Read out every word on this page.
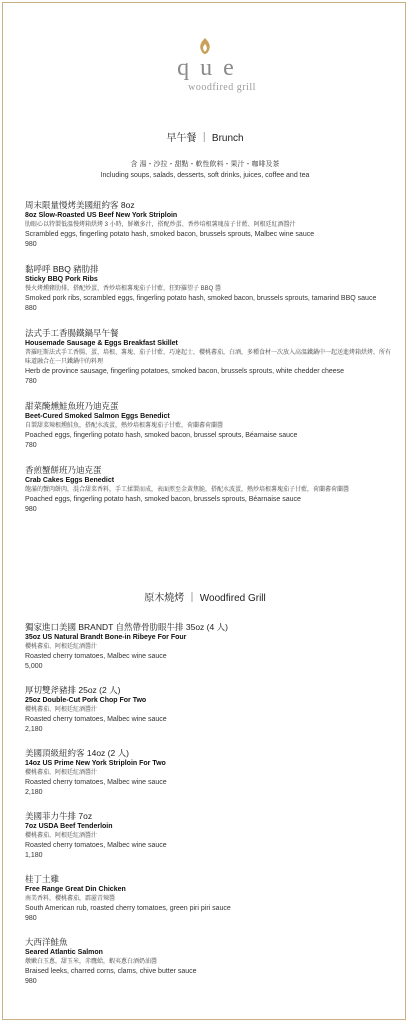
que
woodfired grill
早午餐 ｜ Brunch
含 湯・沙拉・甜點・軟性飲料・果汁・咖啡及茶
Including soups, salads, desserts, soft drinks, juices, coffee and tea
周末限量慢烤美國紐約客 8oz
8oz Slow-Roasted US Beef New York Striploin
肋眼心以特製低溫慢烤箱烘烤 3 小時，鮮嫩多汁，搭配炒蛋、香炒培根薯塊茄子甘藍、阿根廷紅酒醬汁
Scrambled eggs, fingerling potato hash, smoked bacon, brussels sprouts, Malbec wine sauce
980
黏呼呼 BBQ 豬肋排
Sticky BBQ Pork Ribs
慢火烤燻豬肋排，搭配炒蛋、香炒培根薯塊茄子甘藍、狂野羅望子 BBQ 醬
Smoked pork ribs, scrambled eggs, fingerling potato hash, smoked bacon, brussels sprouts, tamarind BBQ sauce
880
法式手工香腸鐵鍋早午餐
Housemade Sausage & Eggs Breakfast Skillet
普羅旺斯法式手工香腸、蛋、培根、薯塊、茄子甘藍、巧達起士，櫻桃蕃茄，白酒，多種食材一次放入高溫鐵鍋中一起送進烤箱烘烤，所有味道融合在一只鐵鍋中的料理
Herb de province sausage, fingerling potatoes, smoked bacon, brussels sprouts, white chedder cheese
780
甜菜醃燻鮭魚班乃迪克蛋
Beet-Cured Smoked Salmon Eggs Benedict
自製甜菜辣根燻鮭魚，搭配水波蛋，熱炒培根薯塊茄子甘藍，荷蘭蕃荷蘭醬
Poached eggs, fingerling potato hash, smoked bacon, brussel sprouts, Béarnaise sauce
780
香煎蟹餅班乃迪克蛋
Crab Cakes Eggs Benedict
飽滿的蟹肉餅肉，混合甜菜香料，手工揉製而成，表面煎至金黃焦脆，搭配水波蛋，熱炒培根薯塊茄子甘藍，荷蘭蕃荷蘭醬
Poached eggs, fingerling potato hash, smoked bacon, brussels sprouts, Béarnaise sauce
980
原木燒烤 ｜ Woodfired Grill
獨家進口美國 BRANDT 自然帶骨肋眼牛排 35oz (4 人)
35oz US Natural Brandt Bone-in Ribeye For Four
櫻桃蕃茄、阿根廷紅酒醬汁
Roasted cherry tomatoes, Malbec wine sauce
5,000
厚切雙斧豬排 25oz (2 人)
25oz Double-Cut Pork Chop For Two
櫻桃蕃茄、阿根廷紅酒醬汁
Roasted cherry tomatoes, Malbec wine sauce
2,180
美國頂級紐約客 14oz (2 人)
14oz US Prime New York Striploin For Two
櫻桃蕃茄、阿根廷紅酒醬汁
Roasted cherry tomatoes, Malbec wine sauce
2,180
美國菲力牛排 7oz
7oz USDA Beef Tenderloin
櫻桃蕃茄、阿根廷紅酒醬汁
Roasted cherry tomatoes, Malbec wine sauce
1,180
桂丁土雞
Free Range Great Din Chicken
南美香料，櫻桃蕃茄，霹靂青辣醬
South American rub, roasted cherry tomatoes, green piri piri sauce
980
大西洋鮭魚
Seared Atlantic Salmon
燉嫩白玉蔥，甜玉米，赤鷹蛤，蝦夷蔥白酒奶油醬
Braised leeks, charred corns, clams, chive butter sauce
980
